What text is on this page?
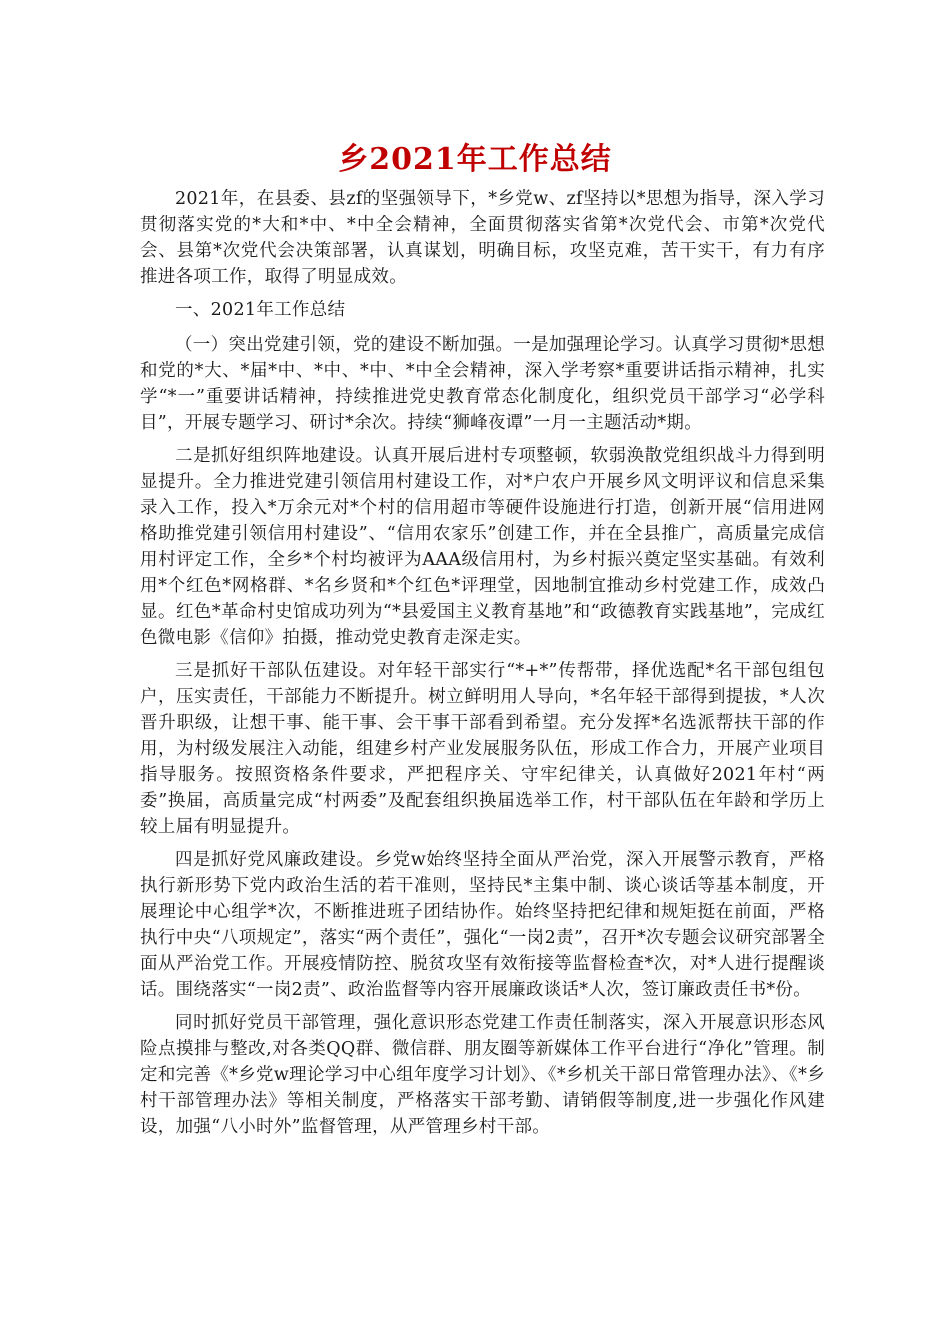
乡2021年工作总结

2021年，在县委、县zf的坚强领导下，*乡党w、zf坚持以*思想为指导，深入学习贯彻落实党的*大和*中、*中全会精神，全面贯彻落实省第*次党代会、市第*次党代会、县第*次党代会决策部署，认真谋划，明确目标，攻坚克难，苦干实干，有力有序推进各项工作，取得了明显成效。

一、2021年工作总结

（一）突出党建引领，党的建设不断加强。一是加强理论学习。认真学习贯彻*思想和党的*大、*届*中、*中、*中、*中全会精神，深入学考察*重要讲话指示精神，扎实学“*一”重要讲话精神，持续推进党史教育常态化制度化，组织党员干部学习“必学科目”，开展专题学习、研讨*余次。持续“狮峰夜谭”一月一主题活动*期。

二是抓好组织阵地建设。认真开展后进村专项整顿，软弱涣散党组织战斗力得到明显提升。全力推进党建引领信用村建设工作，对*户农户开展乡风文明评议和信息采集录入工作，投入*万余元对*个村的信用超市等硬件设施进行打造，创新开展“信用进网格助推党建引领信用村建设”、“信用农家乐”创建工作，并在全县推广，高质量完成信用村评定工作，全乡*个村均被评为AAA级信用村，为乡村振兴奠定坚实基础。有效利用*个红色*网格群、*名乡贤和*个红色*评理堂，因地制宜推动乡村党建工作，成效凸显。红色*革命村史馆成功列为“*县爱国主义教育基地”和“政德教育实践基地”，完成红色微电影《信仰》拍摄，推动党史教育走深走实。

三是抓好干部队伍建设。对年轻干部实行“*+*”传帮带，择优选配*名干部包组包户，压实责任，干部能力不断提升。树立鲜明用人导向，*名年轻干部得到提拔，*人次晋升职级，让想干事、能干事、会干事干部看到希望。充分发挥*名选派帮扶干部的作用，为村级发展注入动能，组建乡村产业发展服务队伍，形成工作合力，开展产业项目指导服务。按照资格条件要求，严把程序关、守牢纪律关，认真做好2021年村“两委”换届，高质量完成“村两委”及配套组织换届选举工作，村干部队伍在年龄和学历上较上届有明显提升。

四是抓好党风廉政建设。乡党w始终坚持全面从严治党，深入开展警示教育，严格执行新形势下党内政治生活的若干准则，坚持民*主集中制、谈心谈话等基本制度，开展理论中心组学*次，不断推进班子团结协作。始终坚持把纪律和规矩挺在前面，严格执行中央“八项规定”，落实“两个责任”，强化“一岗2责”，召开*次专题会议研究部署全面从严治党工作。开展疫情防控、脱贫攻坚有效衔接等监督检查*次，对*人进行提醒谈话。围绕落实“一岗2责”、政治监督等内容开展廉政谈话*人次，签订廉政责任书*份。

同时抓好党员干部管理，强化意识形态党建工作责任制落实，深入开展意识形态风险点摸排与整改,对各类QQ群、微信群、朋友圈等新媒体工作平台进行“净化”管理。制定和完善《*乡党w理论学习中心组年度学习计划》、《*乡机关干部日常管理办法》、《*乡村干部管理办法》等相关制度，严格落实干部考勤、请销假等制度,进一步强化作风建设，加强“八小时外”监督管理，从严管理乡村干部。
